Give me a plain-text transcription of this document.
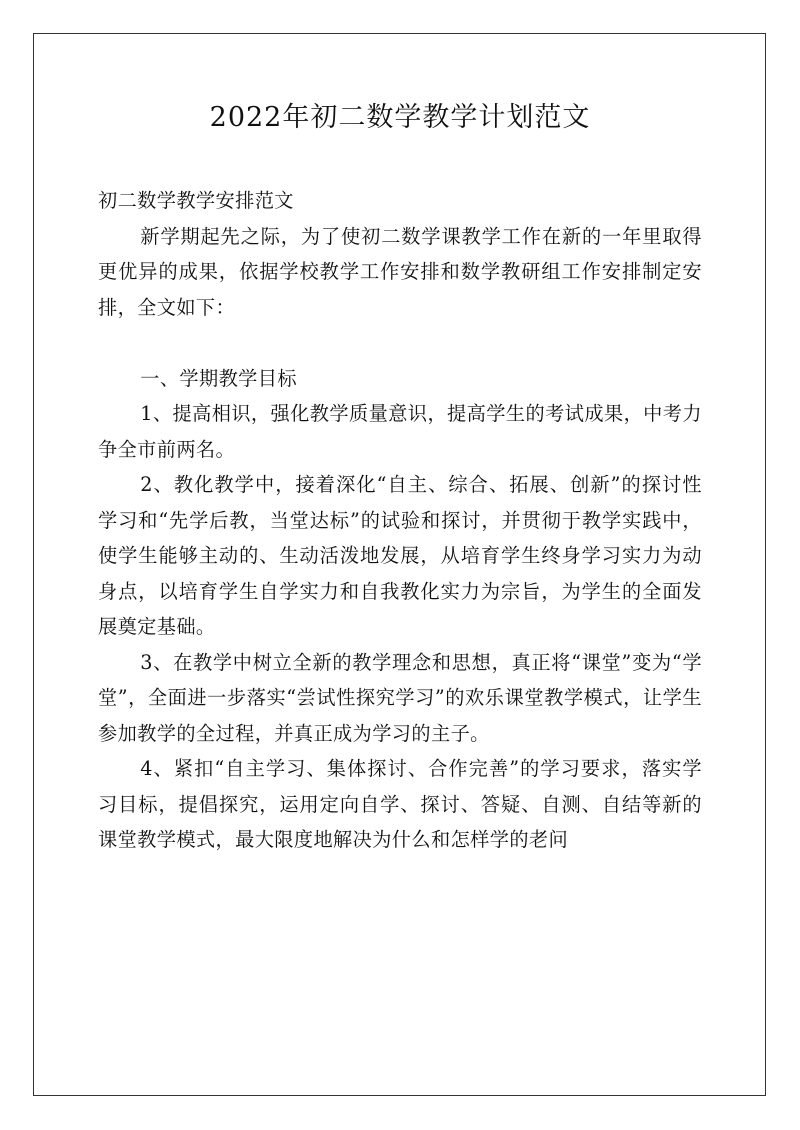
2022年初二数学教学计划范文

初二数学教学安排范文

新学期起先之际，为了使初二数学课教学工作在新的一年里取得更优异的成果，依据学校教学工作安排和数学教研组工作安排制定安排，全文如下：

一、学期教学目标

1、提高相识，强化教学质量意识，提高学生的考试成果，中考力争全市前两名。

2、教化教学中，接着深化“自主、综合、拓展、创新”的探讨性学习和“先学后教，当堂达标”的试验和探讨，并贯彻于教学实践中，使学生能够主动的、生动活泼地发展，从培育学生终身学习实力为动身点，以培育学生自学实力和自我教化实力为宗旨，为学生的全面发展奠定基础。

3、在教学中树立全新的教学理念和思想，真正将“课堂”变为“学堂”，全面进一步落实“尝试性探究学习”的欢乐课堂教学模式，让学生参加教学的全过程，并真正成为学习的主子。

4、紧扣“自主学习、集体探讨、合作完善”的学习要求，落实学习目标，提倡探究，运用定向自学、探讨、答疑、自测、自结等新的课堂教学模式，最大限度地解决为什么和怎样学的老问
